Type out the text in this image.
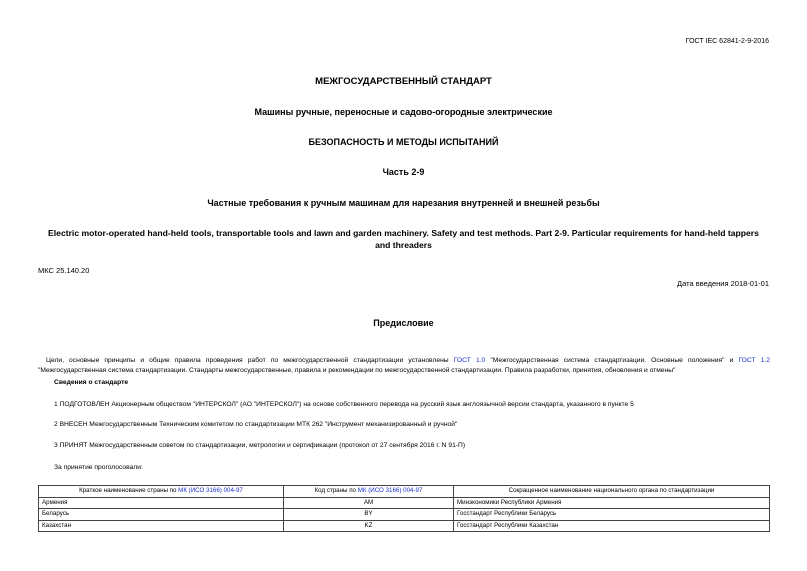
ГОСТ IEC 62841-2-9-2016
МЕЖГОСУДАРСТВЕННЫЙ СТАНДАРТ
Машины ручные, переносные и садово-огородные электрические
БЕЗОПАСНОСТЬ И МЕТОДЫ ИСПЫТАНИЙ
Часть 2-9
Частные требования к ручным машинам для нарезания внутренней и внешней резьбы
Electric motor-operated hand-held tools, transportable tools and lawn and garden machinery. Safety and test methods. Part 2-9. Particular requirements for hand-held tappers and threaders
МКС 25.140.20
Дата введения 2018-01-01
Предисловие
Цели, основные принципы и общие правила проведения работ по межгосударственной стандартизации установлены ГОСТ 1.0 "Межгосударственная система стандартизации. Основные положения" и ГОСТ 1.2 "Межгосударственная система стандартизации. Стандарты межгосударственные, правила и рекомендации по межгосударственной стандартизации. Правила разработки, принятия, обновления и отмены"
Сведения о стандарте
1 ПОДГОТОВЛЕН Акционерным обществом "ИНТЕРСКОЛ" (АО "ИНТЕРСКОЛ") на основе собственного перевода на русский язык англоязычной версии стандарта, указанного в пункте 5
2 ВНЕСЕН Межгосударственным Техническим комитетом по стандартизации МТК 262 "Инструмент механизированный и ручной"
3 ПРИНЯТ Межгосударственным советом по стандартизации, метрологии и сертификации (протокол от 27 сентября 2016 г. N 91-П)
За принятие проголосовали:
Краткое наименование страны по МК (ИСО 3166) 004-97	Код страны по МК (ИСО 3166) 004-97	Сокращенное наименование национального органа по стандартизации
Армения	AM	Минэкономики Республики Армения
Беларусь	BY	Госстандарт Республики Беларусь
Казахстан	KZ	Госстандарт Республики Казахстан
